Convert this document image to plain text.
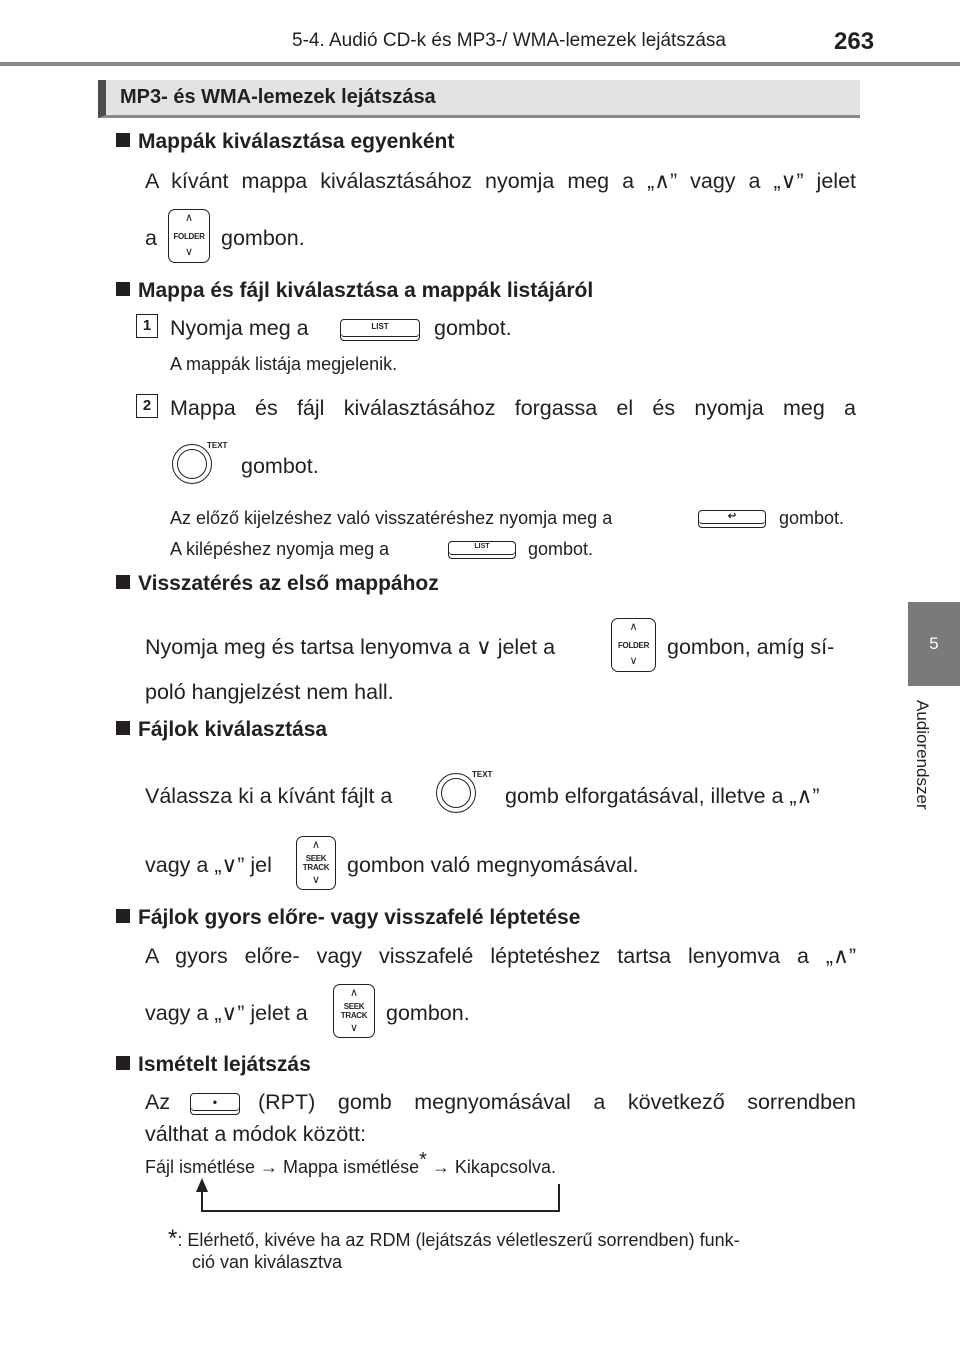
5-4. Audió CD-k és MP3-/ WMA-lemezek lejátszása	263
5
Audiorendszer
MP3- és WMA-lemezek lejátszása
Mappák kiválasztása egyenként
A kívánt mappa kiválasztásához nyomja meg a „∧” vagy a „∨” jelet
a
∧
FOLDER
∨
gombon.
Mappa és fájl kiválasztása a mappák listájáról
1 Nyomja meg a	LIST	gombot.
A mappák listája megjelenik.
2 Mappa és fájl kiválasztásához forgassa el és nyomja meg a
TEXT
gombot.
Az előző kijelzéshez való visszatéréshez nyomja meg a	↩	gombot.
A kilépéshez nyomja meg a	LIST	gombot.
Visszatérés az első mappához
Nyomja meg és tartsa lenyomva a ∨ jelet a
∧
FOLDER
∨
gombon, amíg sí-
poló hangjelzést nem hall.
Fájlok kiválasztása
Válassza ki a kívánt fájlt a
TEXT
gomb elforgatásával, illetve a „∧”
vagy a „∨” jel
∧
SEEK
TRACK
∨
gombon való megnyomásával.
Fájlok gyors előre- vagy visszafelé léptetése
A gyors előre- vagy visszafelé léptetéshez tartsa lenyomva a „∧”
vagy a „∨” jelet a
∧
SEEK
TRACK
∨
gombon.
Ismételt lejátszás
Az	•	(RPT) gomb megnyomásával a következő sorrendben
válthat a módok között:
Fájl ismétlése → Mappa ismétlése* → Kikapcsolva.
*: Elérhető, kivéve ha az RDM (lejátszás véletleszerű sorrendben) funk-
ció van kiválasztva
